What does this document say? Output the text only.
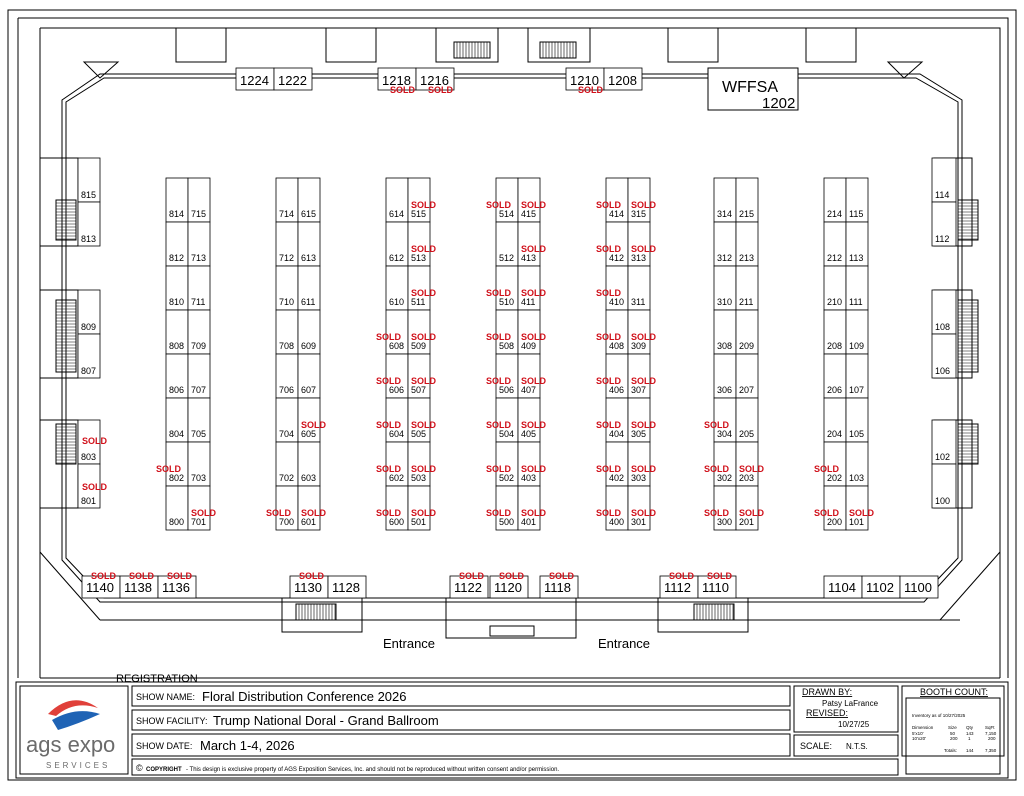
814 715
812 713
810 711
808 709
806 707
804 705
802 703
800 701
714 615
712 613
710 611
708 609
706 607
704 605
702 603
700 601
614 515
612 513
610 511
608 509
606 507
604 505
602 503
600 501
514 415
512 413
510 411
508 409
506 407
504 405
502 403
500 401
414 315
412 313
410 311
408 309
406 307
404 305
402 303
400 301
314 215
312 213
310 211
308 209
306 207
304 205
302 203
300 201
214 115
212 113
210 111
208 109
206 107
204 105
202 103
200 101
1224 1222	1218 1216	1210 1208
815
813
809
807
803
801
114
112
108
106
102
100
1140 1138 1136	1130 1128	1122 1120 1118	1112 1110	1104 1102 1100
SOLD
SOLD
SOLD
SOLD SOLD
SOLD
SOLD
SOLD
SOLD SOLD
SOLD SOLD
SOLD SOLD
SOLD SOLD
SOLD SOLD
SOLD SOLD
SOLD
SOLD SOLD
SOLD SOLD
SOLD SOLD
SOLD SOLD
SOLD SOLD
SOLD SOLD
SOLD SOLD
SOLD SOLD
SOLD
SOLD SOLD
SOLD SOLD
SOLD SOLD
SOLD SOLD
SOLD SOLD
SOLD
SOLD SOLD
SOLD SOLD
SOLD
SOLD SOLD
SOLD SOLD	SOLD
SOLD
SOLD
SOLD SOLD SOLD	SOLD	SOLD SOLD	SOLD	SOLD SOLD
WFFSA
1202
Entrance	Entrance
REGISTRATION
SHOW NAME: Floral Distribution Conference 2026
SHOW FACILITY: Trump National Doral - Grand Ballroom
SHOW DATE: March 1-4, 2026
DRAWN BY:
Patsy LaFrance
REVISED:
10/27/25
SCALE: N.T.S.
BOOTH COUNT:
© COPYRIGHT - This design is exclusive property of AGS Exposition Services, Inc. and should not be reproduced without written consent and/or permission.
Inventory as of 10/27/2025
Dimension	Size Qty	SqFt
5'x10'	50 143	7,150
10'x20'	200 1	200
Totals: 144	7,350
ags expo
SERVICES
